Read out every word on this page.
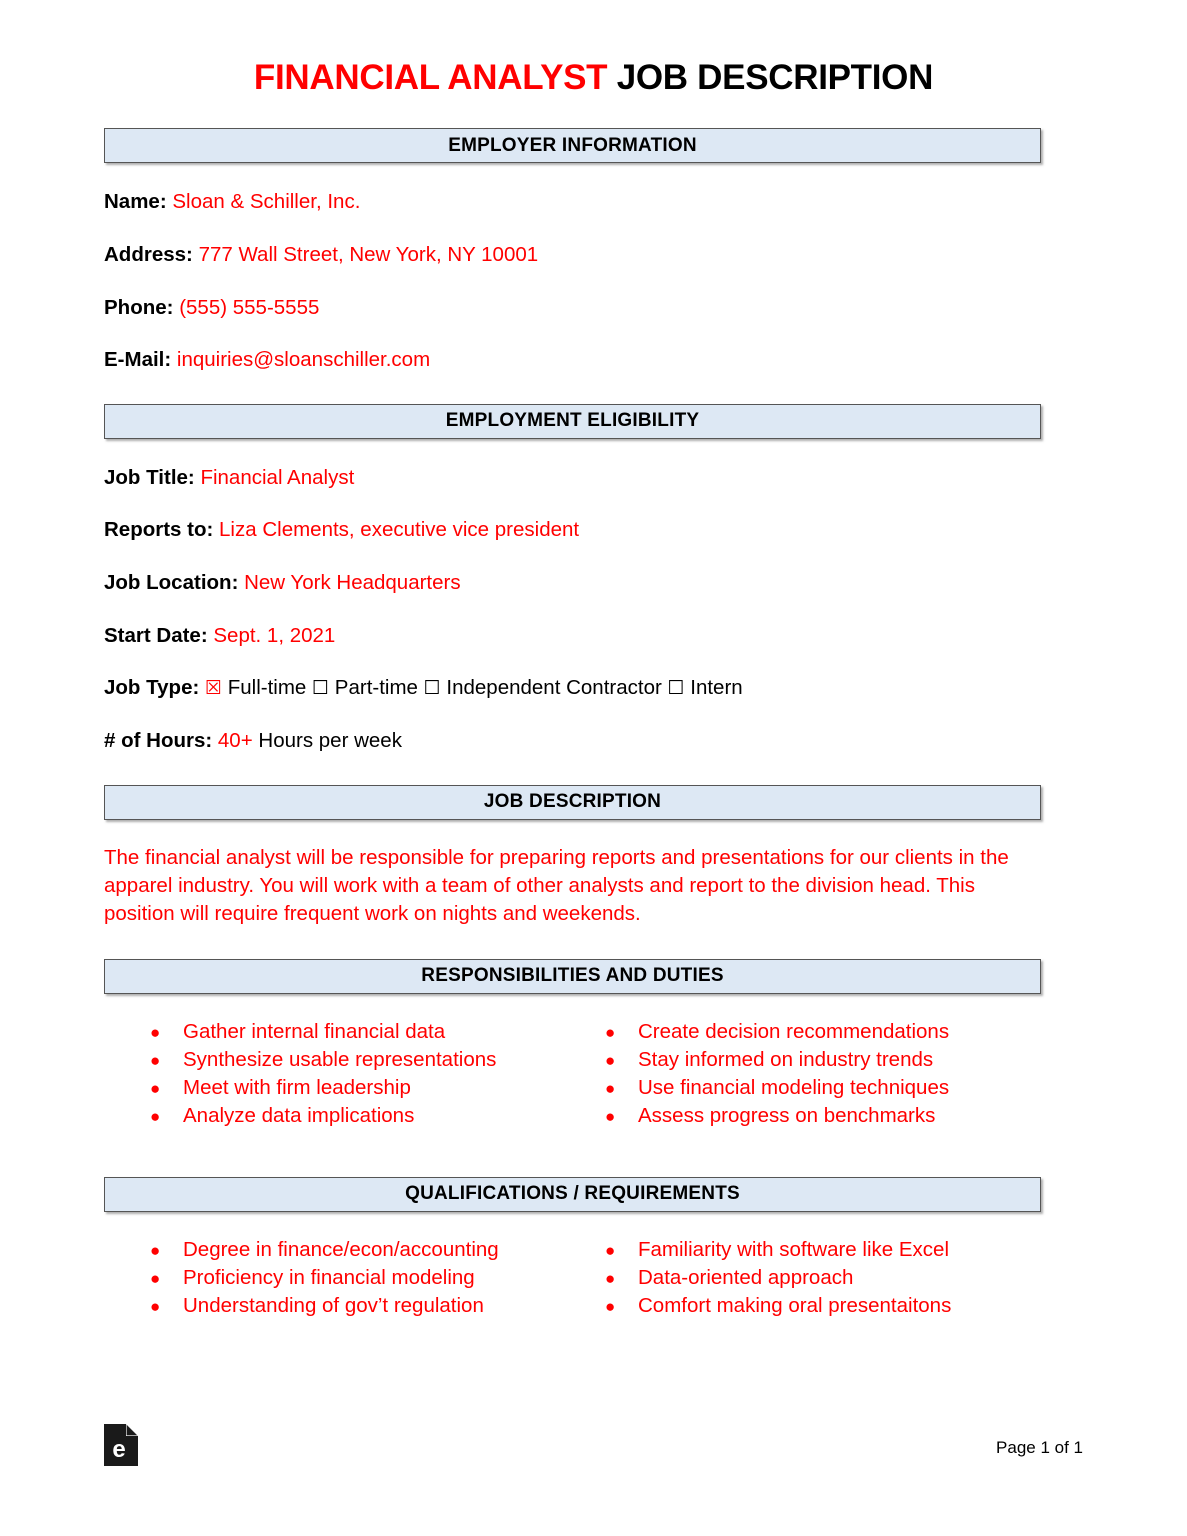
FINANCIAL ANALYST JOB DESCRIPTION
EMPLOYER INFORMATION
Name: Sloan & Schiller, Inc.
Address: 777 Wall Street, New York, NY 10001
Phone: (555) 555-5555
E-Mail: inquiries@sloanschiller.com
EMPLOYMENT ELIGIBILITY
Job Title: Financial Analyst
Reports to: Liza Clements, executive vice president
Job Location: New York Headquarters
Start Date: Sept. 1, 2021
Job Type: ☒ Full-time ☐ Part-time ☐ Independent Contractor ☐ Intern
# of Hours: 40+ Hours per week
JOB DESCRIPTION

The financial analyst will be responsible for preparing reports and presentations for our clients in the apparel industry. You will work with a team of other analysts and report to the division head. This position will require frequent work on nights and weekends.

RESPONSIBILITIES AND DUTIES
●	Gather internal financial data
●	Synthesize usable representations
●	Meet with firm leadership
●	Analyze data implications
●	Create decision recommendations
●	Stay informed on industry trends
●	Use financial modeling techniques
●	Assess progress on benchmarks
QUALIFICATIONS / REQUIREMENTS
●	Degree in finance/econ/accounting
●	Proficiency in financial modeling
●	Understanding of gov’t regulation
●	Familiarity with software like Excel
●	Data-oriented approach
●	Comfort making oral presentaitons
e	Page 1 of 1
